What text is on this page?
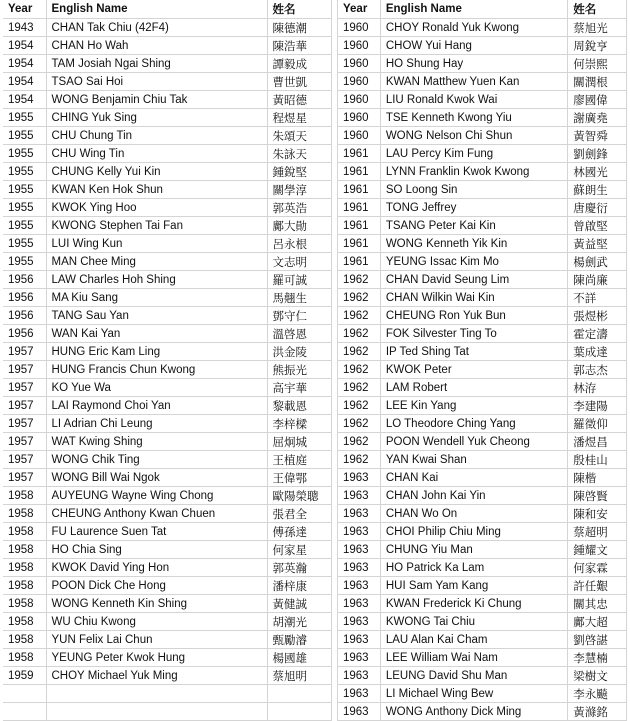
Year	English Name	姓名
1943	CHAN Tak Chiu (42F4)	陳德潮
1954	CHAN Ho Wah	陳浩華
1954	TAM Josiah Ngai Shing	譚毅成
1954	TSAO Sai Hoi	曹世凱
1954	WONG Benjamin Chiu Tak	黃昭德
1955	CHING Yuk Sing	程煜星
1955	CHU Chung Tin	朱頌天
1955	CHU Wing Tin	朱詠天
1955	CHUNG Kelly Yui Kin	鍾銳堅
1955	KWAN Ken Hok Shun	關學淳
1955	KWOK Ying Hoo	郭英浩
1955	KWONG Stephen Tai Fan	鄺大勛
1955	LUI Wing Kun	呂永根
1955	MAN Chee Ming	文志明
1956	LAW Charles Hoh Shing	羅可誠
1956	MA Kiu Sang	馬翹生
1956	TANG Sau Yan	鄧守仁
1956	WAN Kai Yan	溫啓恩
1957	HUNG Eric Kam Ling	洪金陵
1957	HUNG Francis Chun Kwong	熊振光
1957	KO Yue Wa	高宇華
1957	LAI Raymond Choi Yan	黎載恩
1957	LI Adrian Chi Leung	李梓樑
1957	WAT Kwing Shing	屈炯城
1957	WONG Chik Ting	王植庭
1957	WONG Bill Wai Ngok	王偉鄂
1958	AUYEUNG Wayne Wing Chong	歐陽榮聰
1958	CHEUNG Anthony Kwan Chuen	張君全
1958	FU Laurence Suen Tat	傅孫達
1958	HO Chia Sing	何家星
1958	KWOK David Ying Hon	郭英瀚
1958	POON Dick Che Hong	潘梓康
1958	WONG Kenneth Kin Shing	黃健誠
1958	WU Chiu Kwong	胡潮光
1958	YUN Felix Lai Chun	甄勵濬
1958	YEUNG Peter Kwok Hung	楊國雄
1959	CHOY Michael Yuk Ming	蔡旭明

Year	English Name	姓名
1960	CHOY Ronald Yuk Kwong	蔡旭光
1960	CHOW Yui Hang	周銳亨
1960	HO Shung Hay	何崇熙
1960	KWAN Matthew Yuen Kan	關潤根
1960	LIU Ronald Kwok Wai	廖國偉
1960	TSE Kenneth Kwong Yiu	謝廣堯
1960	WONG Nelson Chi Shun	黃智舜
1961	LAU Percy Kim Fung	劉劍鋒
1961	LYNN Franklin Kwok Kwong	林國光
1961	SO Loong Sin	蘇朗生
1961	TONG Jeffrey	唐慶衍
1961	TSANG Peter Kai Kin	曾啟堅
1961	WONG Kenneth Yik Kin	黃益堅
1961	YEUNG Issac Kim Mo	楊劍武
1962	CHAN David Seung Lim	陳尚廉
1962	CHAN Wilkin Wai Kin	不詳
1962	CHEUNG Ron Yuk Bun	張煜彬
1962	FOK Silvester Ting To	霍定濤
1962	IP Ted Shing Tat	葉成達
1962	KWOK Peter	郭志杰
1962	LAM Robert	林洊
1962	LEE Kin Yang	李建陽
1962	LO Theodore Ching Yang	羅徵仰
1962	POON Wendell Yuk Cheong	潘煜昌
1962	YAN Kwai Shan	殷桂山
1963	CHAN Kai	陳楷
1963	CHAN John Kai Yin	陳啓賢
1963	CHAN Wo On	陳和安
1963	CHOI Philip Chiu Ming	蔡超明
1963	CHUNG Yiu Man	鍾耀文
1963	HO Patrick Ka Lam	何家霖
1963	HUI Sam Yam Kang	許任艱
1963	KWAN Frederick Ki Chung	關其忠
1963	KWONG Tai Chiu	鄺大超
1963	LAU Alan Kai Cham	劉啓諶
1963	LEE William Wai Nam	李慧楠
1963	LEUNG David Shu Man	梁樹文
1963	LI Michael Wing Bew	李永飈
1963	WONG Anthony Dick Ming	黃滌銘
